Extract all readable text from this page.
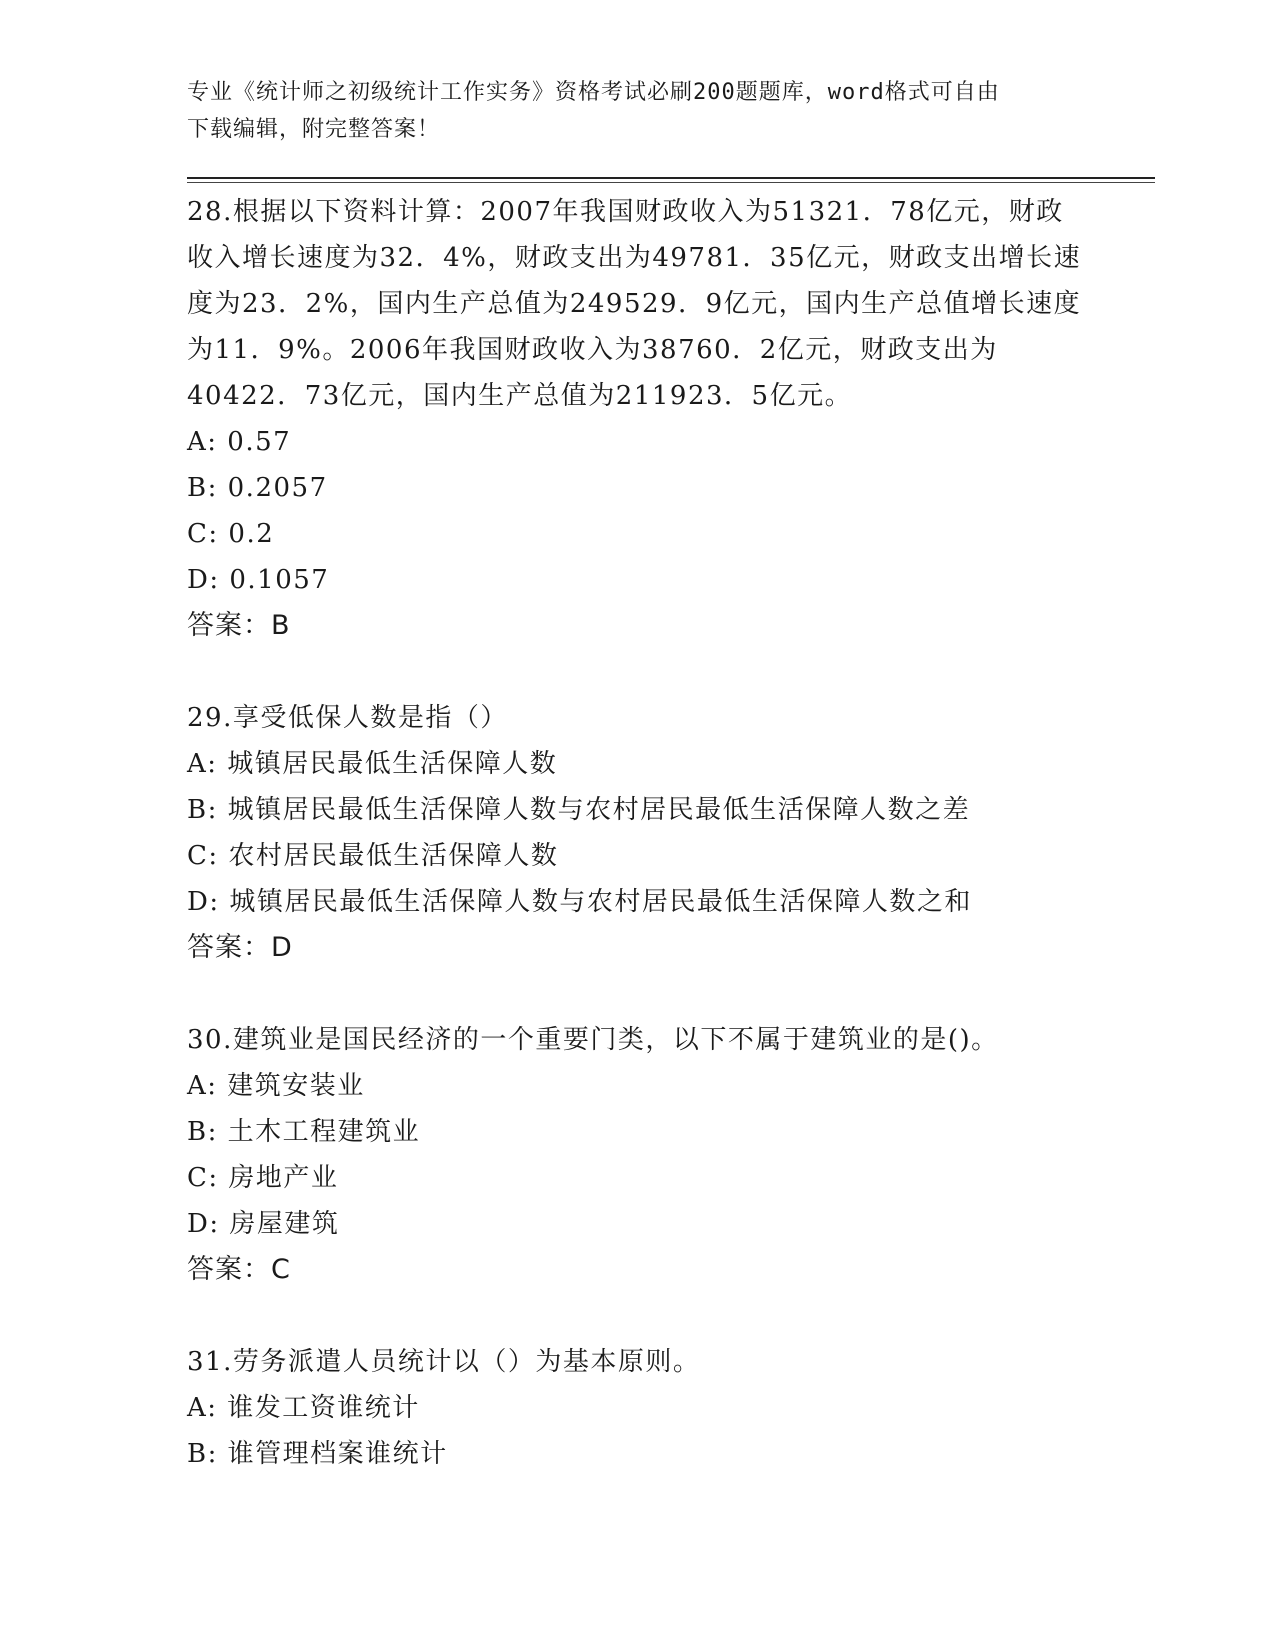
专业《统计师之初级统计工作实务》资格考试必刷200题题库，word格式可自由
下载编辑，附完整答案！
28.根据以下资料计算：2007年我国财政收入为51321．78亿元，财政收入增长速度为32．4%，财政支出为49781．35亿元，财政支出增长速度为23．2%，国内生产总值为249529．9亿元，国内生产总值增长速度为11．9%。2006年我国财政收入为38760．2亿元，财政支出为40422．73亿元，国内生产总值为211923．5亿元。
A: 0.57
B: 0.2057
C: 0.2
D: 0.1057
答案：B
29.享受低保人数是指（）
A: 城镇居民最低生活保障人数
B: 城镇居民最低生活保障人数与农村居民最低生活保障人数之差
C: 农村居民最低生活保障人数
D: 城镇居民最低生活保障人数与农村居民最低生活保障人数之和
答案：D
30.建筑业是国民经济的一个重要门类，以下不属于建筑业的是()。
A: 建筑安装业
B: 土木工程建筑业
C: 房地产业
D: 房屋建筑
答案：C
31.劳务派遣人员统计以（）为基本原则。
A: 谁发工资谁统计
B: 谁管理档案谁统计
